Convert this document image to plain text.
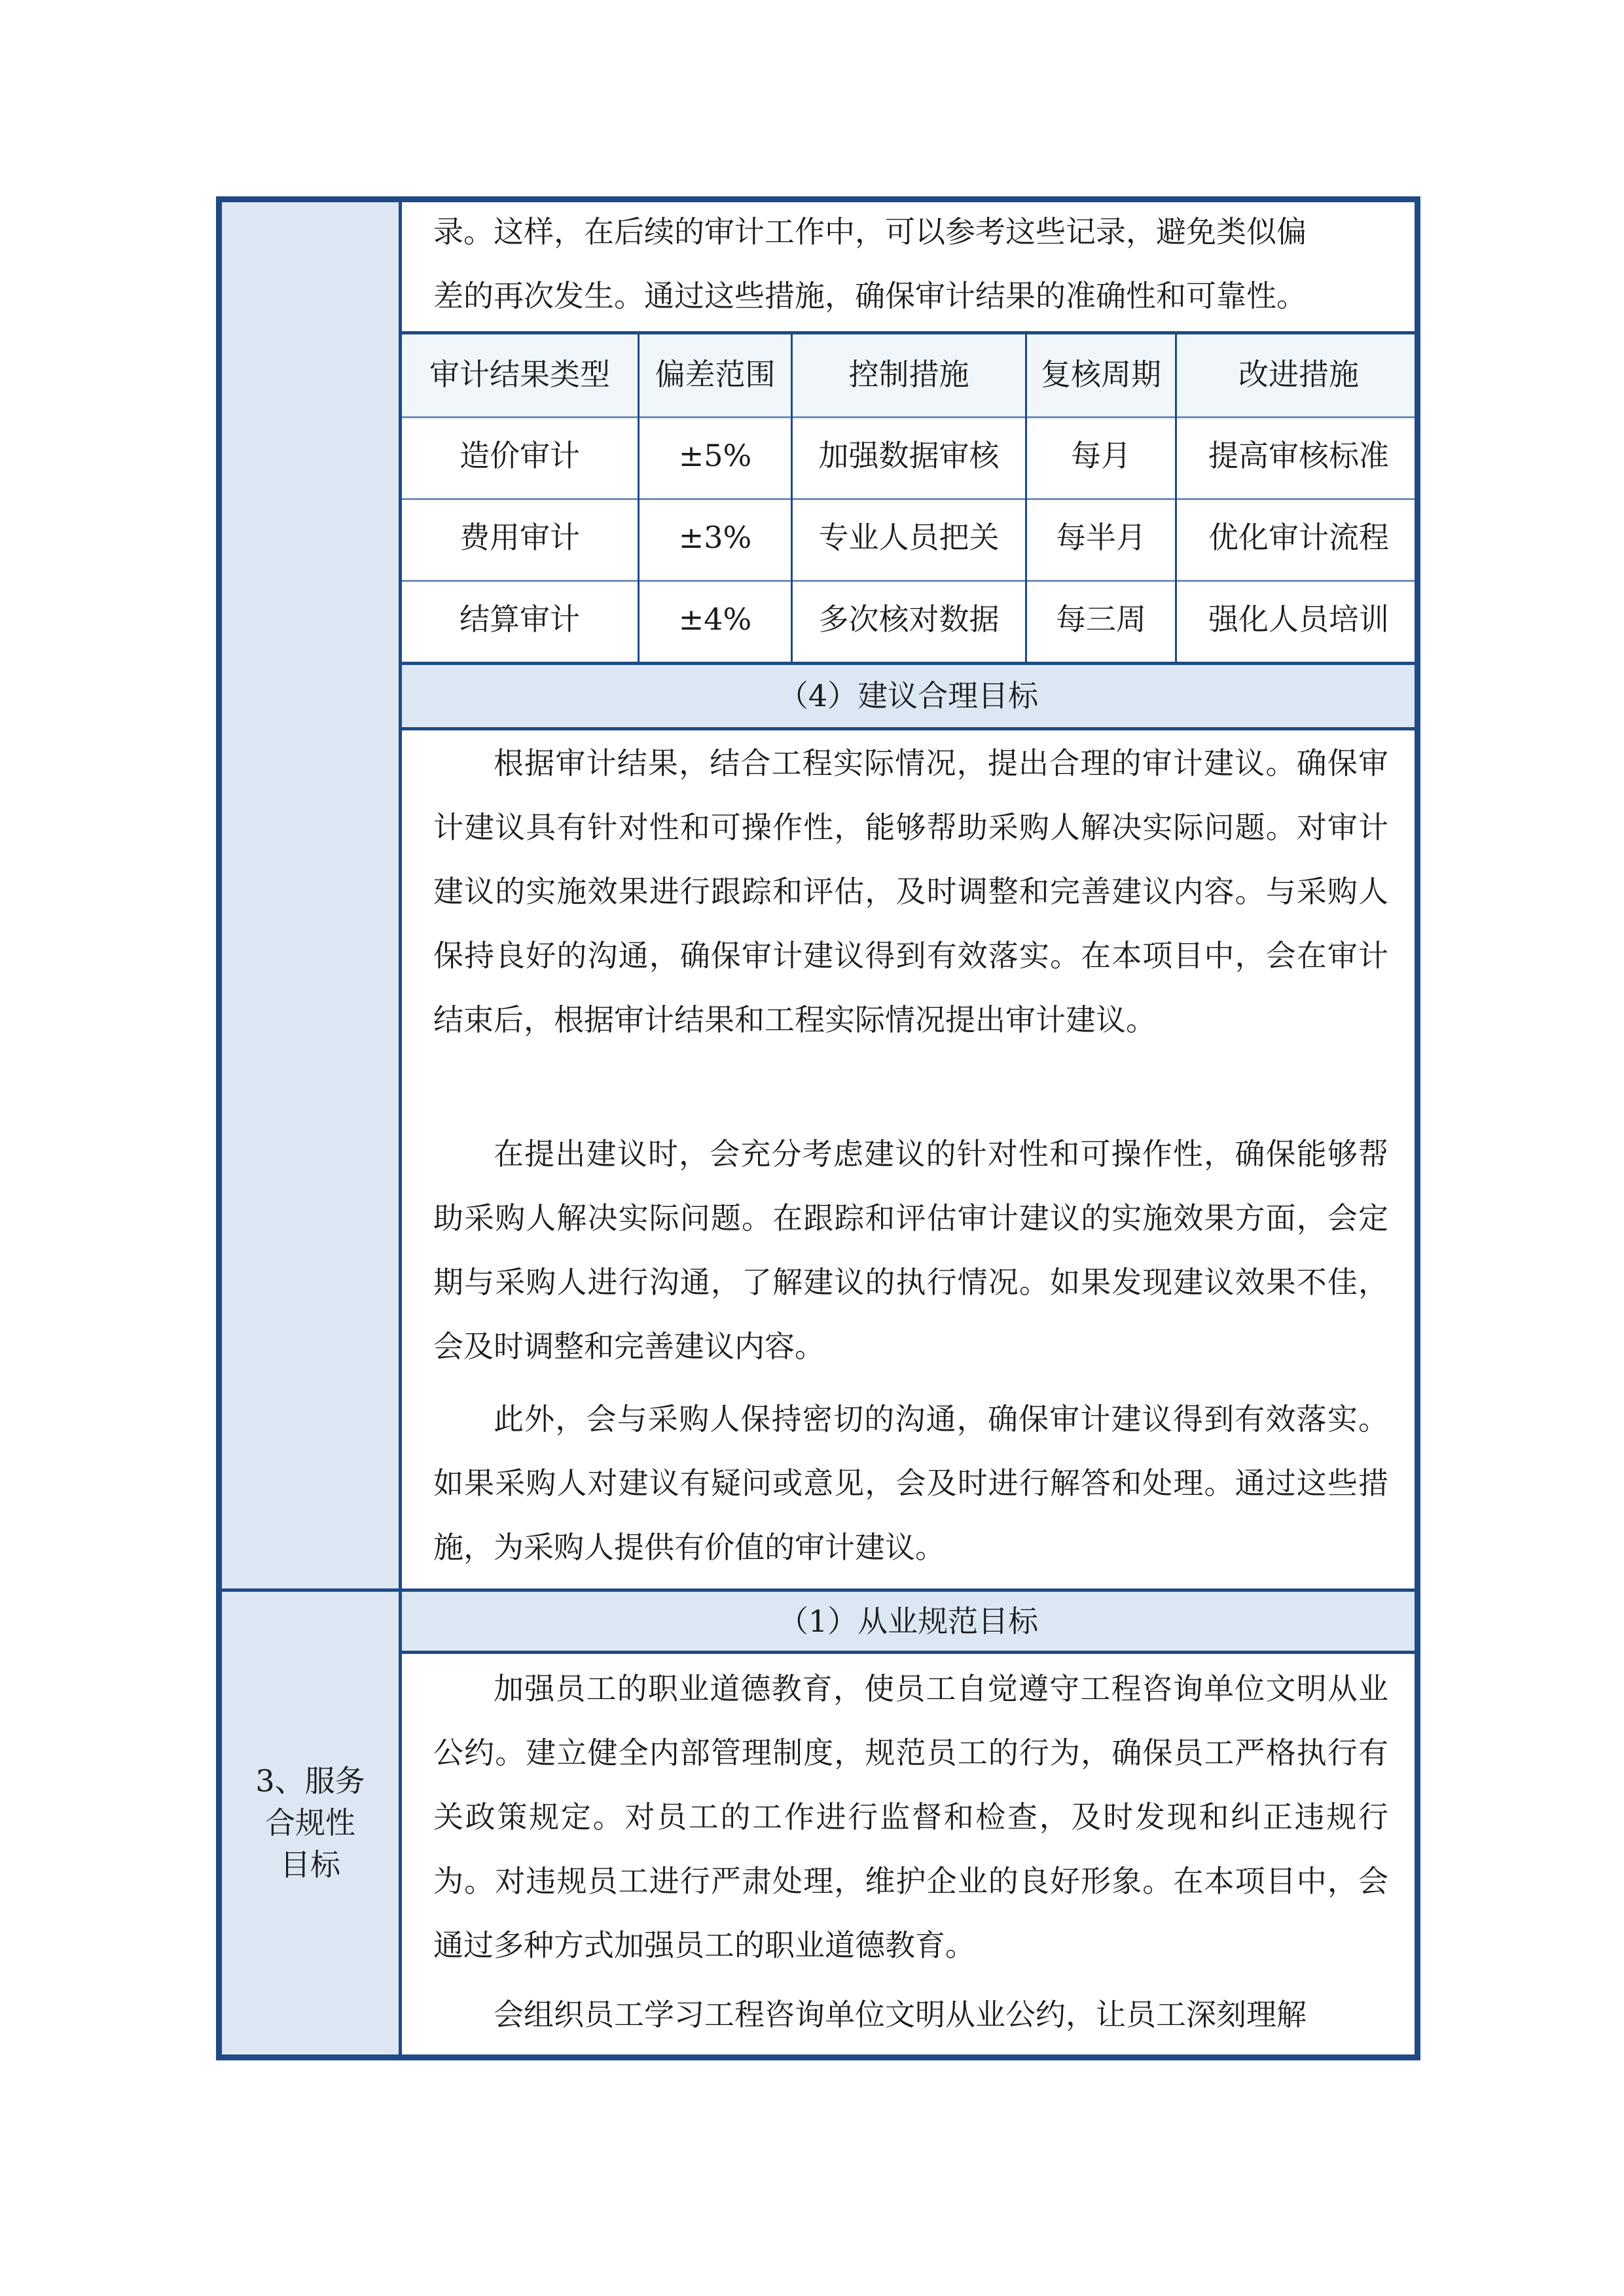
3、服务
合规性
目标
录。这样，在后续的审计工作中，可以参考这些记录，避免类似偏
差的再次发生。通过这些措施，确保审计结果的准确性和可靠性。
审计结果类型	偏差范围	控制措施	复核周期	改进措施
造价审计	±5%	加强数据审核	每月	提高审核标准
费用审计	±3%	专业人员把关	每半月	优化审计流程
结算审计	±4%	多次核对数据	每三周	强化人员培训
（4）建议合理目标
根据审计结果，结合工程实际情况，提出合理的审计建议。确保审计建议具有针对性和可操作性，能够帮助采购人解决实际问题。对审计建议的实施效果进行跟踪和评估，及时调整和完善建议内容。与采购人保持良好的沟通，确保审计建议得到有效落实。在本项目中，会在审计结束后，根据审计结果和工程实际情况提出审计建议。
在提出建议时，会充分考虑建议的针对性和可操作性，确保能够帮助采购人解决实际问题。在跟踪和评估审计建议的实施效果方面，会定期与采购人进行沟通，了解建议的执行情况。如果发现建议效果不佳，会及时调整和完善建议内容。
此外，会与采购人保持密切的沟通，确保审计建议得到有效落实。如果采购人对建议有疑问或意见，会及时进行解答和处理。通过这些措施，为采购人提供有价值的审计建议。
（1）从业规范目标
加强员工的职业道德教育，使员工自觉遵守工程咨询单位文明从业公约。建立健全内部管理制度，规范员工的行为，确保员工严格执行有关政策规定。对员工的工作进行监督和检查，及时发现和纠正违规行为。对违规员工进行严肃处理，维护企业的良好形象。在本项目中，会通过多种方式加强员工的职业道德教育。
会组织员工学习工程咨询单位文明从业公约，让员工深刻理解
